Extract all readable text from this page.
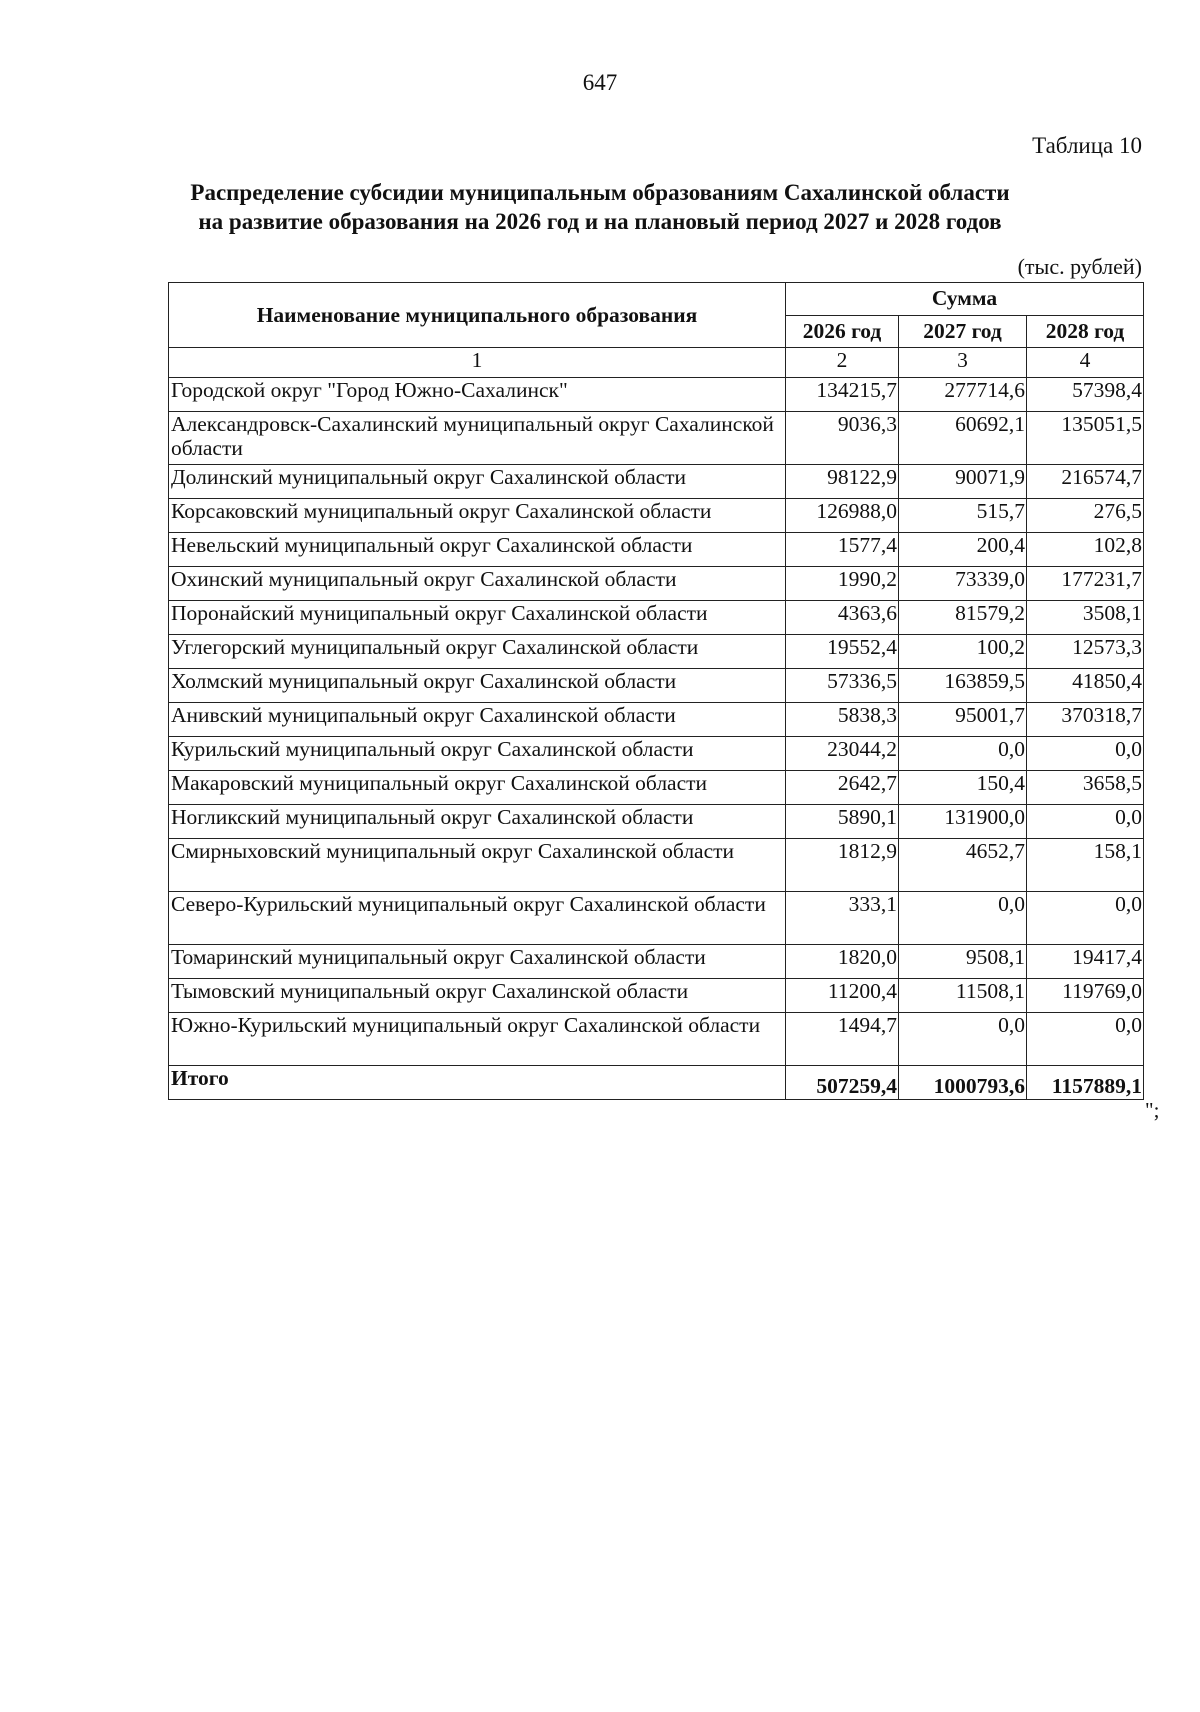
647
Таблица 10
Распределение субсидии муниципальным образованиям Сахалинской области
на развитие образования на 2026 год и на плановый период 2027 и 2028 годов
(тыс. рублей)
Наименование муниципального образования	Сумма		
	2026 год	2027 год	2028 год
1	2	3	4
Городской округ "Город Южно-Сахалинск"	134215,7	277714,6	57398,4
Александровск-Сахалинский муниципальный округ Сахалинской области	9036,3	60692,1	135051,5
Долинский муниципальный округ Сахалинской области	98122,9	90071,9	216574,7
Корсаковский муниципальный округ Сахалинской области	126988,0	515,7	276,5
Невельский муниципальный округ Сахалинской области	1577,4	200,4	102,8
Охинский муниципальный округ Сахалинской области	1990,2	73339,0	177231,7
Поронайский муниципальный округ Сахалинской области	4363,6	81579,2	3508,1
Углегорский муниципальный округ Сахалинской области	19552,4	100,2	12573,3
Холмский муниципальный округ Сахалинской области	57336,5	163859,5	41850,4
Анивский муниципальный округ Сахалинской области	5838,3	95001,7	370318,7
Курильский муниципальный округ Сахалинской области	23044,2	0,0	0,0
Макаровский муниципальный округ Сахалинской области	2642,7	150,4	3658,5
Ногликский муниципальный округ Сахалинской области	5890,1	131900,0	0,0
Смирныховский муниципальный округ Сахалинской области	1812,9	4652,7	158,1
Северо-Курильский муниципальный округ Сахалинской области	333,1	0,0	0,0
Томаринский муниципальный округ Сахалинской области	1820,0	9508,1	19417,4
Тымовский муниципальный округ Сахалинской области	11200,4	11508,1	119769,0
Южно-Курильский муниципальный округ Сахалинской области	1494,7	0,0	0,0
Итого	507259,4	1000793,6	1157889,1
";
